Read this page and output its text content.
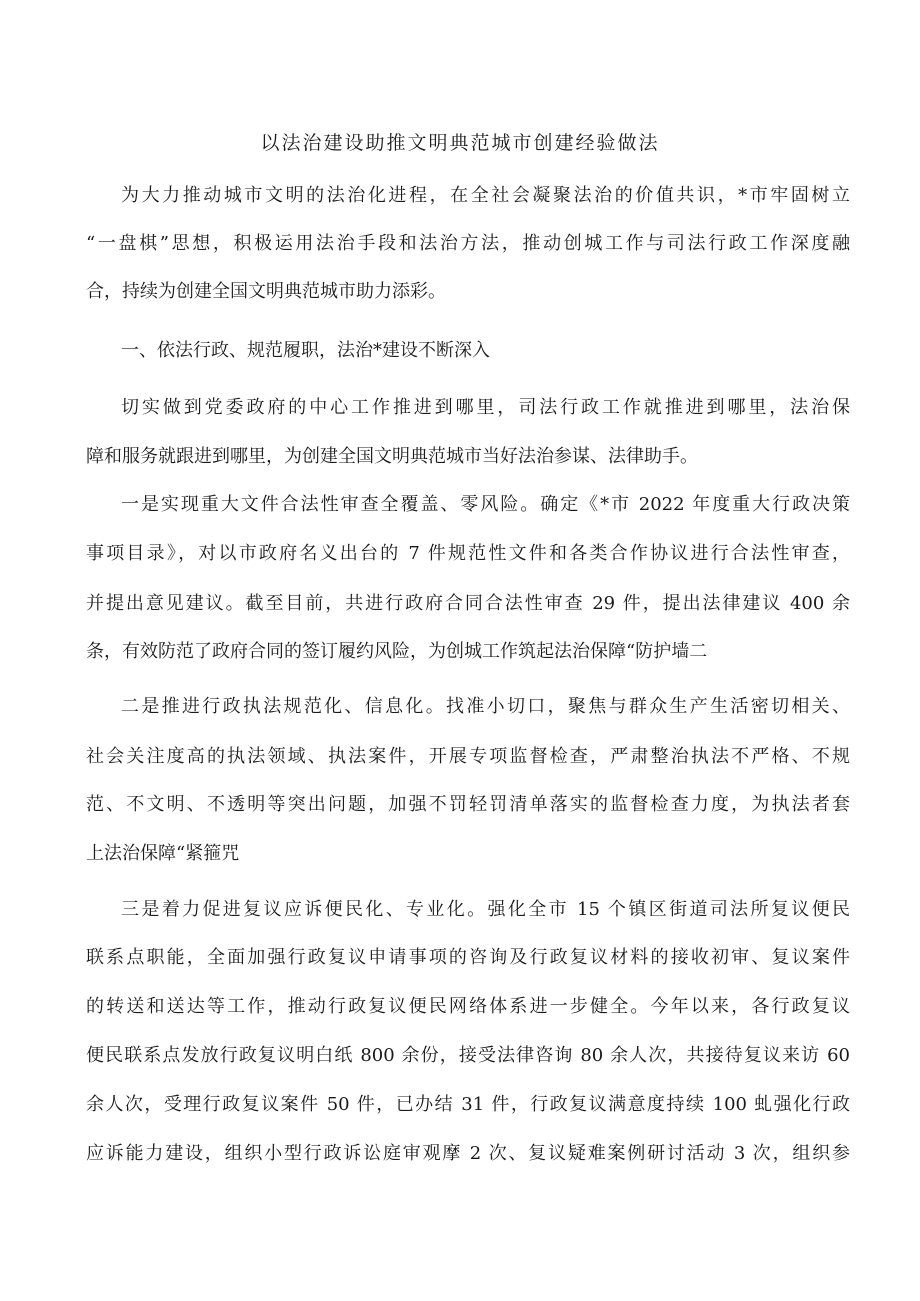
以法治建设助推文明典范城市创建经验做法
为大力推动城市文明的法治化进程，在全社会凝聚法治的价值共识，*市牢固树立
“一盘棋”思想，积极运用法治手段和法治方法，推动创城工作与司法行政工作深度融
合，持续为创建全国文明典范城市助力添彩。
一、依法行政、规范履职，法治*建设不断深入
切实做到党委政府的中心工作推进到哪里，司法行政工作就推进到哪里，法治保
障和服务就跟进到哪里，为创建全国文明典范城市当好法治参谋、法律助手。
一是实现重大文件合法性审查全覆盖、零风险。确定《*市 2022 年度重大行政决策
事项目录》，对以市政府名义出台的 7 件规范性文件和各类合作协议进行合法性审查，
并提出意见建议。截至目前，共进行政府合同合法性审查 29 件，提出法律建议 400 余
条，有效防范了政府合同的签订履约风险，为创城工作筑起法治保障“防护墙二
二是推进行政执法规范化、信息化。找准小切口，聚焦与群众生产生活密切相关、
社会关注度高的执法领域、执法案件，开展专项监督检查，严肃整治执法不严格、不规
范、不文明、不透明等突出问题，加强不罚轻罚清单落实的监督检查力度，为执法者套
上法治保障“紧箍咒
三是着力促进复议应诉便民化、专业化。强化全市 15 个镇区街道司法所复议便民
联系点职能，全面加强行政复议申请事项的咨询及行政复议材料的接收初审、复议案件
的转送和送达等工作，推动行政复议便民网络体系进一步健全。今年以来，各行政复议
便民联系点发放行政复议明白纸 800 余份，接受法律咨询 80 余人次，共接待复议来访 60
余人次，受理行政复议案件 50 件，已办结 31 件，行政复议满意度持续 100 虬强化行政
应诉能力建设，组织小型行政诉讼庭审观摩 2 次、复议疑难案例研讨活动 3 次，组织参
